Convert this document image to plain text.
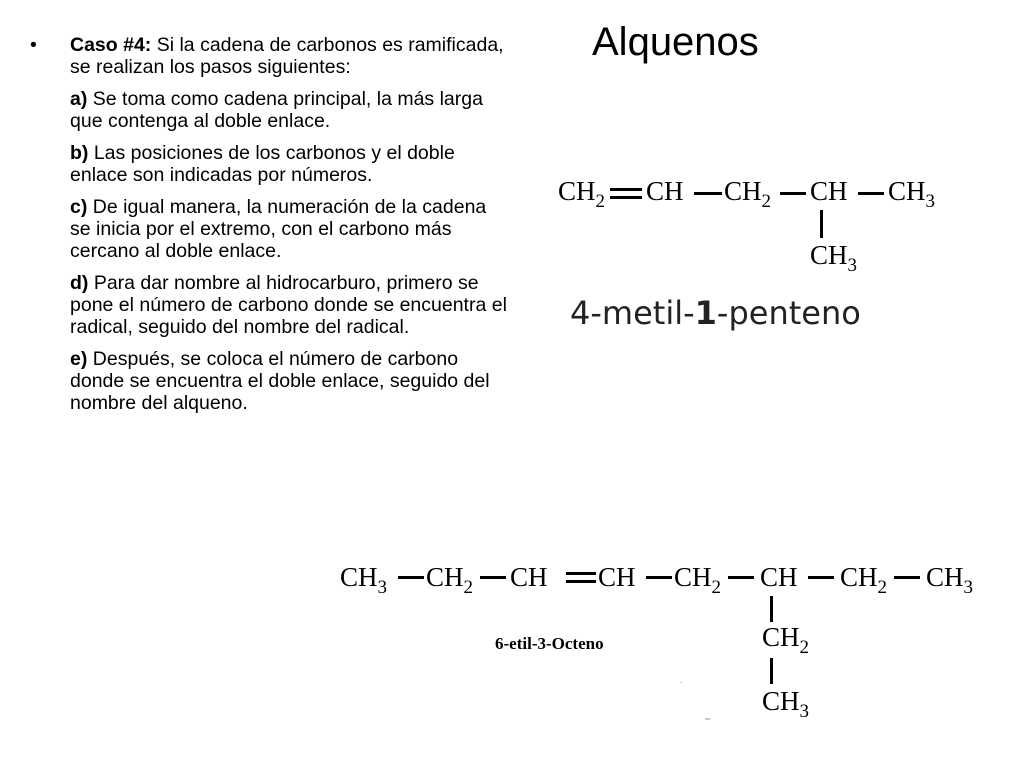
Alquenos
• Caso #4: Si la cadena de carbonos es ramificada, se realizan los pasos siguientes:
a) Se toma como cadena principal, la más larga que contenga al doble enlace.
b) Las posiciones de los carbonos y el doble enlace son indicadas por números.
c) De igual manera, la numeración de la cadena se inicia por el extremo, con el carbono más cercano al doble enlace.
d) Para dar nombre al hidrocarburo, primero se pone el número de carbono donde se encuentra el radical, seguido del nombre del radical.
e) Después, se coloca el número de carbono donde se encuentra el doble enlace, seguido del nombre del alqueno.
$CH_2$ CH $CH_2$ CH $CH_3$
$CH_3$
4-metil-1-penteno
$CH_3$ $CH_2$ CH CH $CH_2$ CH $CH_2$ $CH_3$
$CH_2$
$CH_3$
6-etil-3-Octeno
